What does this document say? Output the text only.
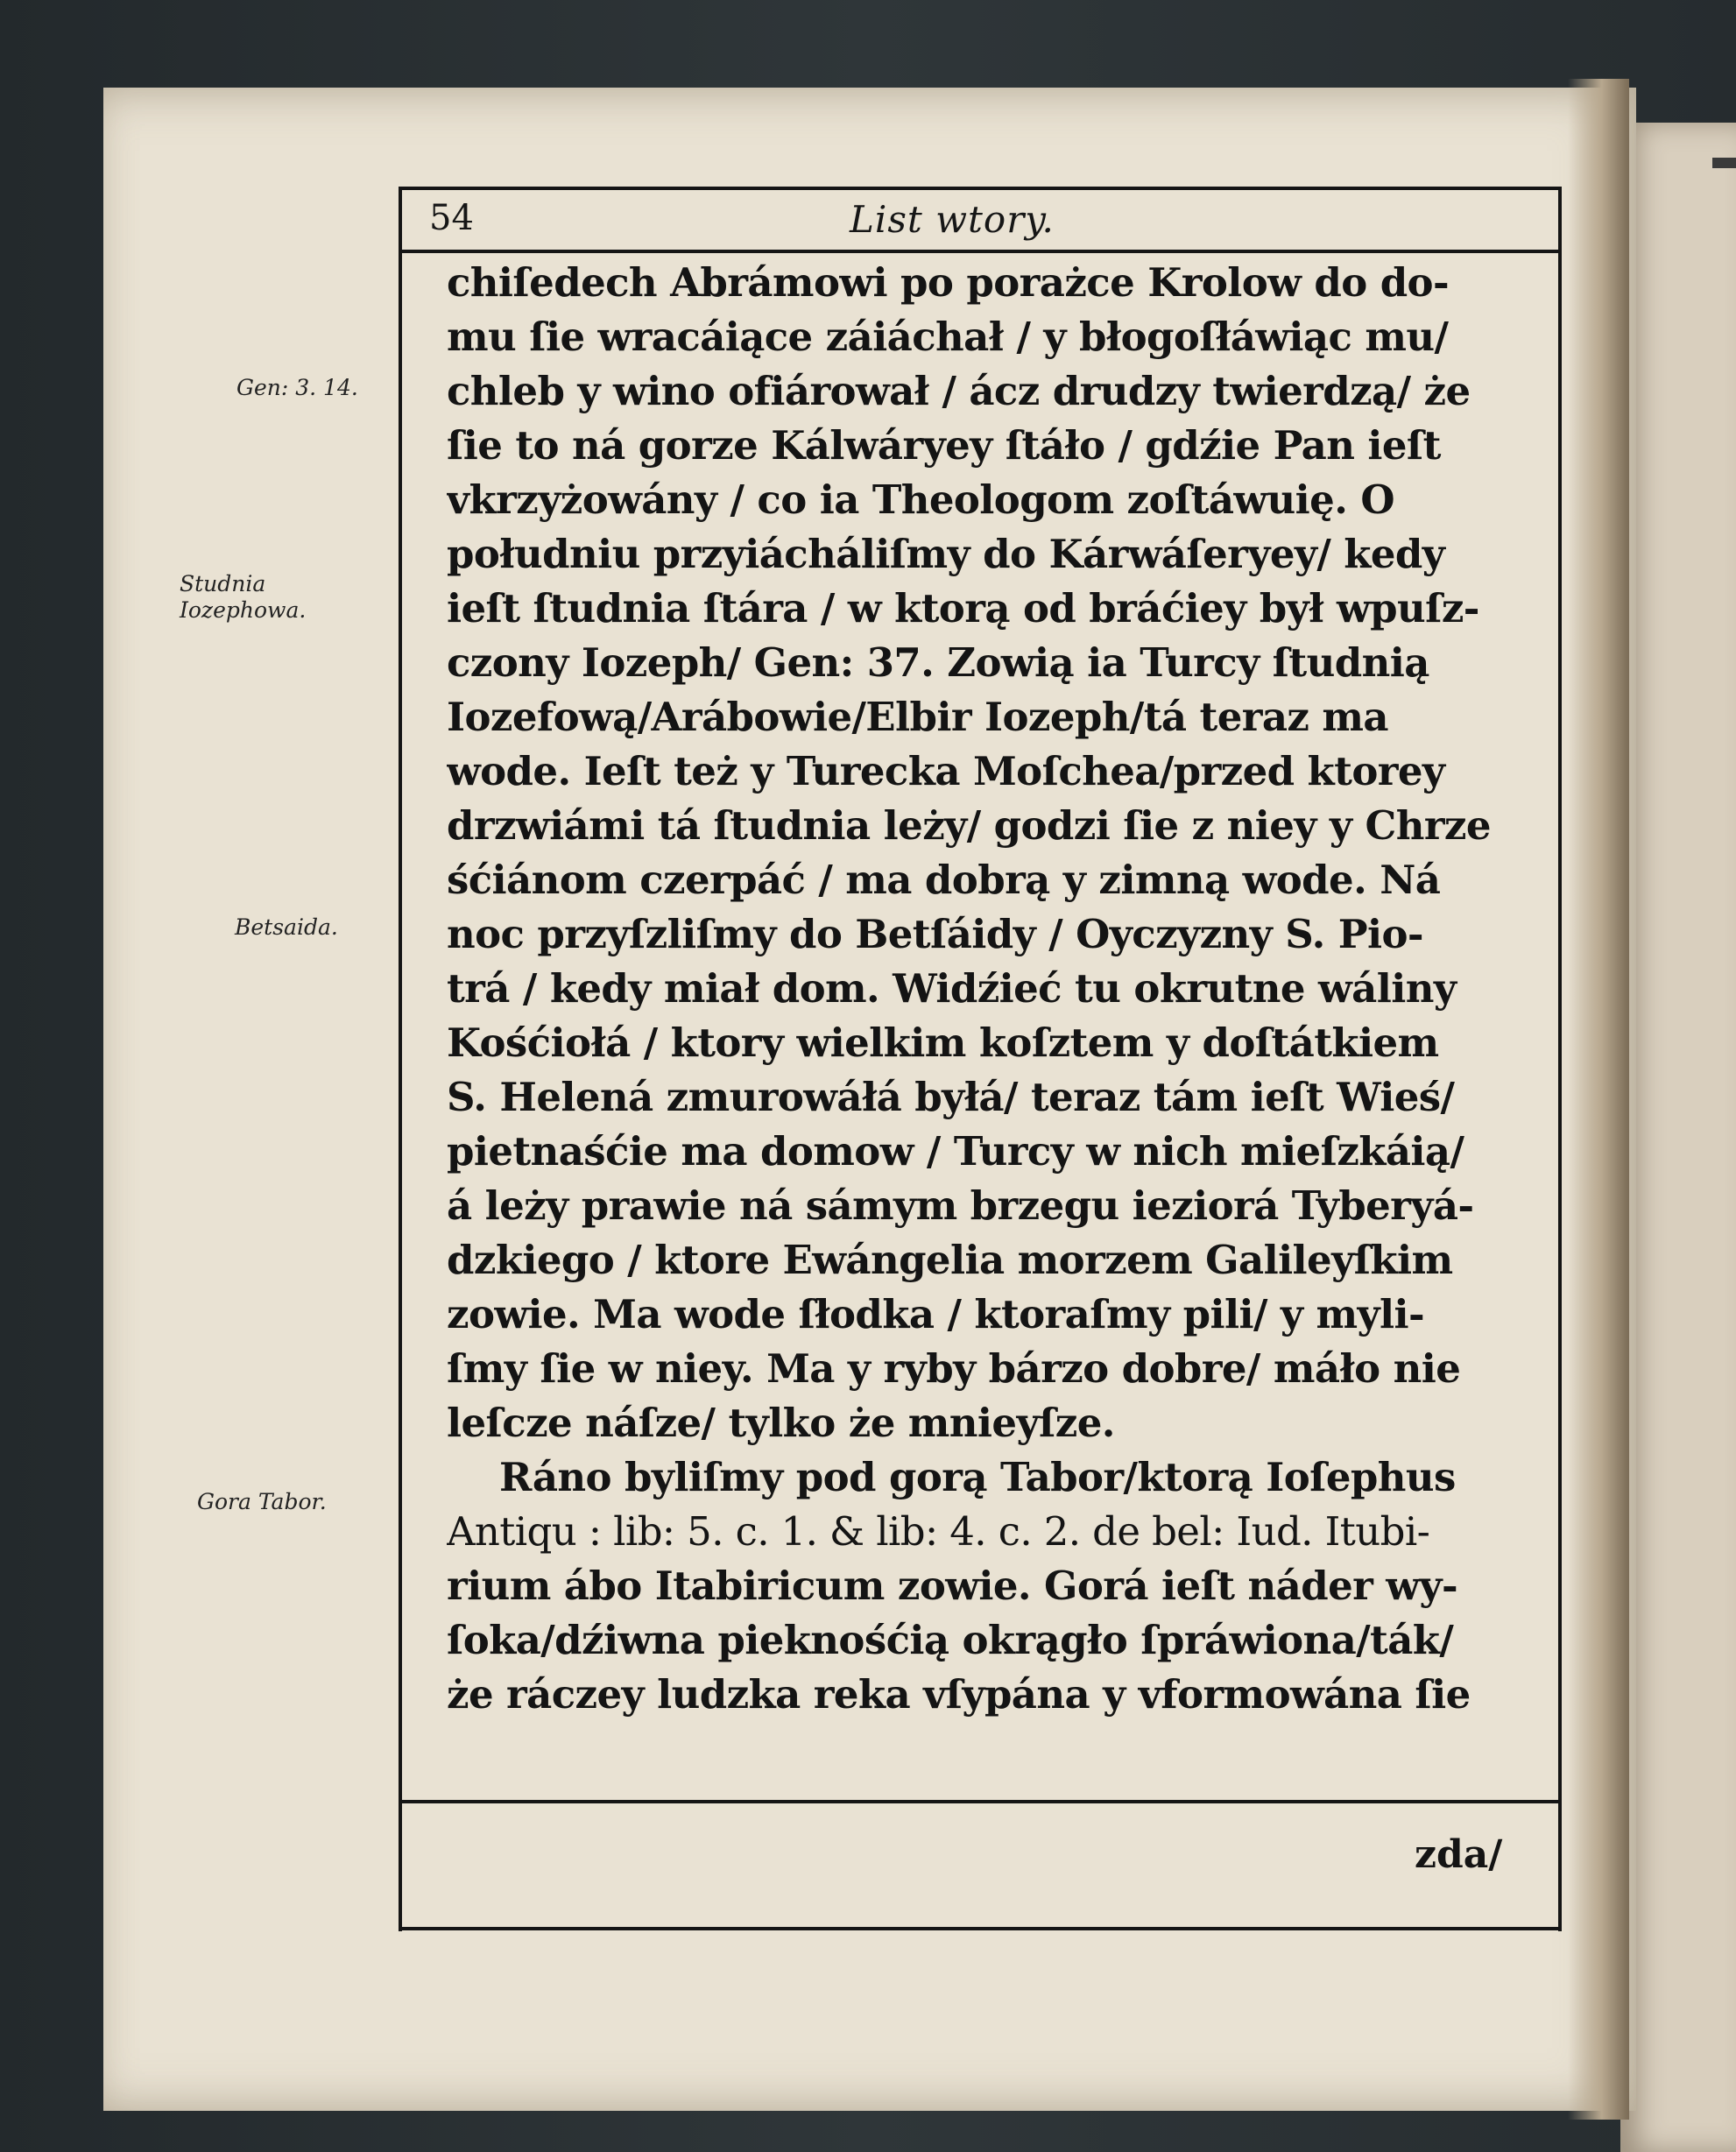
54	List wtory.
Gen: 3. 14.
Studnia Iozephowa.
Betsaida.
Gora Tabor.
chiſedech Abrámowi po porażce Krolow do do-
mu ſie wracáiące záiáchał / y błogoſłáwiąc mu/
chleb y wino ofiárował / ácz drudzy twierdzą/ że
ſie to ná gorze Kálwáryey ſtáło / gdźie Pan ieſt
vkrzyżowány / co ia Theologom zoſtáwuię. O
południu przyiácháliſmy do Kárwáſeryey/ kedy
ieſt ſtudnia ſtára / w ktorą od bráćiey był wpuſz-
czony Iozeph/ Gen: 37. Zowią ia Turcy ſtudnią
Iozefową/Arábowie/Elbir Iozeph/tá teraz ma
wode. Ieſt też y Turecka Moſchea/przed ktorey
drzwiámi tá ſtudnia leży/ godzi ſie z niey y Chrze
śćiánom czerpáć / ma dobrą y zimną wode. Ná
noc przyſzliſmy do Betſáidy / Oyczyzny S. Pio-
trá / kedy miał dom. Widźieć tu okrutne wáliny
Kośćiołá / ktory wielkim koſztem y doſtátkiem
S. Helená zmurowáłá byłá/ teraz tám ieſt Wieś/
pietnaśćie ma domow / Turcy w nich mieſzkáią/
á leży prawie ná sámym brzegu ieziorá Tyberyá-
dzkiego / ktore Ewángelia morzem Galileyſkim
zowie. Ma wode ſłodka / ktoraſmy pili/ y myli-
ſmy ſie w niey. Ma y ryby bárzo dobre/ máło nie
leſcze náſze/ tylko że mnieyſze.
Ráno byliſmy pod gorą Tabor/ktorą Ioſephus
Antiqu : lib: 5. c. 1. & lib: 4. c. 2. de bel: Iud. Itubi-
rium ábo Itabiricum zowie. Gorá ieſt náder wy-
ſoka/dźiwna pieknośćią okrągło ſpráwiona/ták/
że ráczey ludzka reka vſypána y vformowána ſie
zda/
